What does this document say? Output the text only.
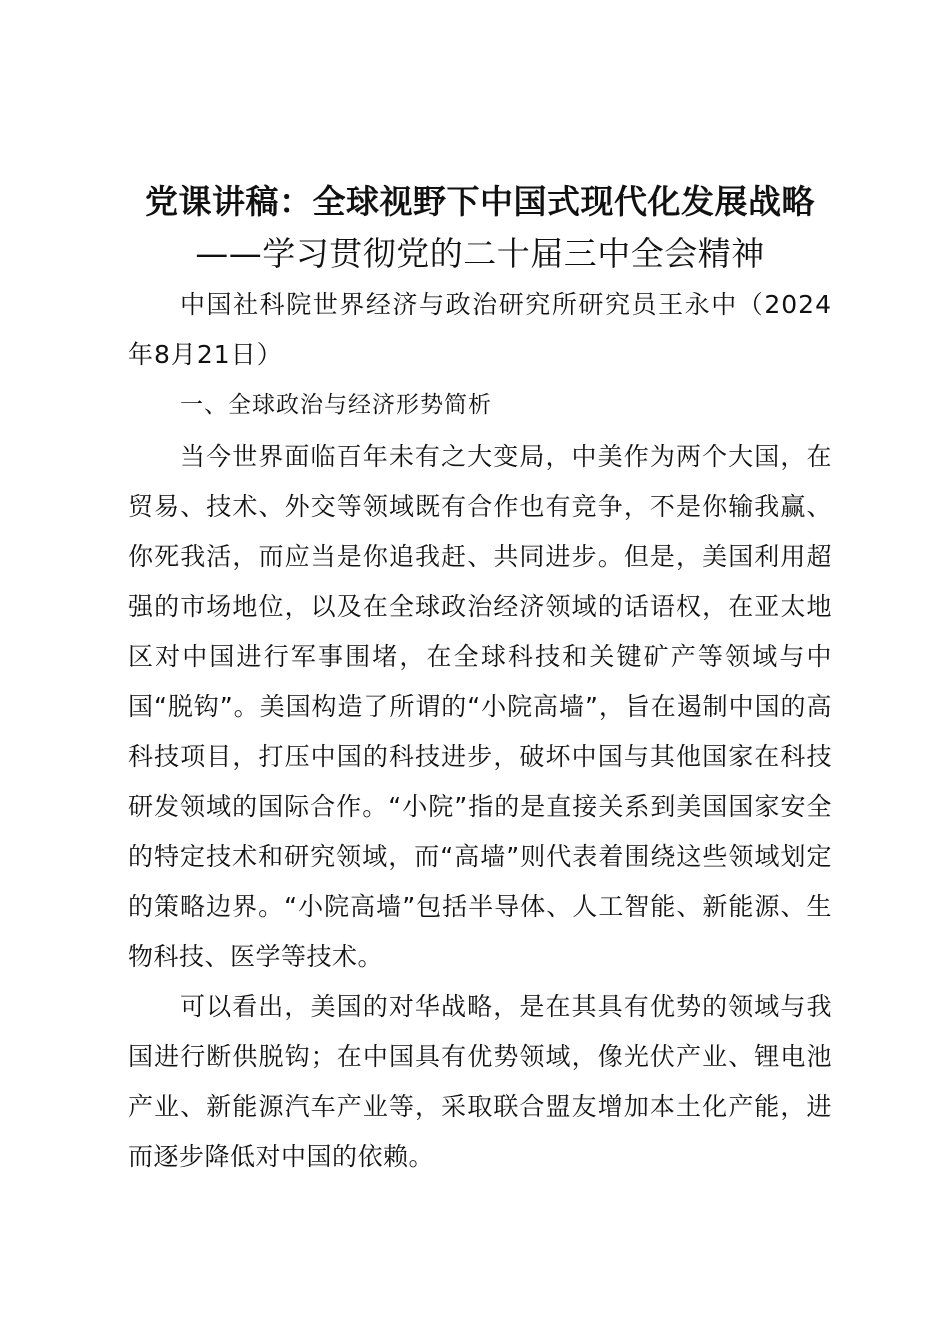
党课讲稿：全球视野下中国式现代化发展战略
——学习贯彻党的二十届三中全会精神

中国社科院世界经济与政治研究所研究员王永中（2024年8月21日）

一、全球政治与经济形势简析

当今世界面临百年未有之大变局，中美作为两个大国，在贸易、技术、外交等领域既有合作也有竞争，不是你输我赢、你死我活，而应当是你追我赶、共同进步。但是，美国利用超强的市场地位，以及在全球政治经济领域的话语权，在亚太地区对中国进行军事围堵，在全球科技和关键矿产等领域与中国“脱钩”。美国构造了所谓的“小院高墙”，旨在遏制中国的高科技项目，打压中国的科技进步，破坏中国与其他国家在科技研发领域的国际合作。“小院”指的是直接关系到美国国家安全的特定技术和研究领域，而“高墙”则代表着围绕这些领域划定的策略边界。“小院高墙”包括半导体、人工智能、新能源、生物科技、医学等技术。

可以看出，美国的对华战略，是在其具有优势的领域与我国进行断供脱钩；在中国具有优势领域，像光伏产业、锂电池产业、新能源汽车产业等，采取联合盟友增加本土化产能，进而逐步降低对中国的依赖。
